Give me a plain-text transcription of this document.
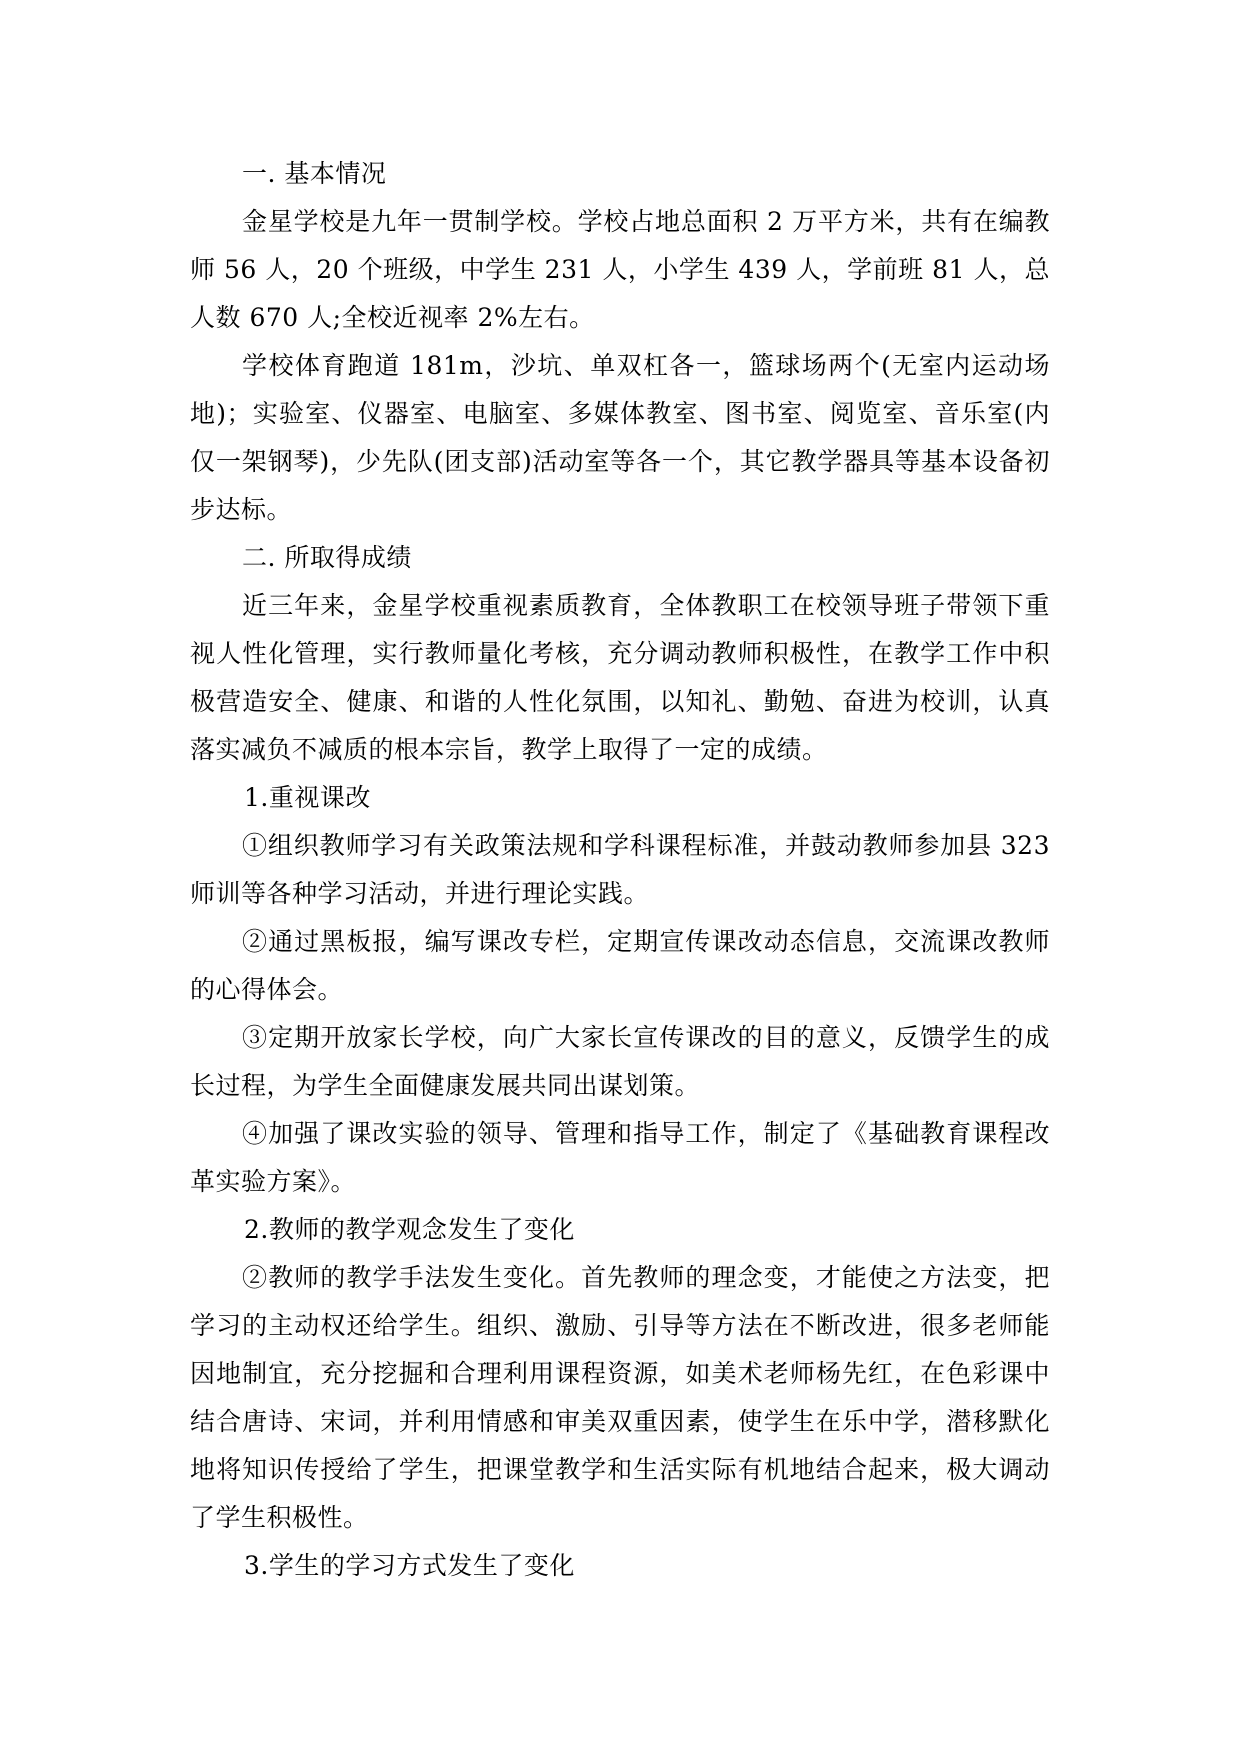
一. 基本情况

金星学校是九年一贯制学校。学校占地总面积 2 万平方米，共有在编教师 56 人，20 个班级，中学生 231 人，小学生 439 人，学前班 81 人，总人数 670 人;全校近视率 2%左右。

学校体育跑道 181m，沙坑、单双杠各一，篮球场两个(无室内运动场地)；实验室、仪器室、电脑室、多媒体教室、图书室、阅览室、音乐室(内仅一架钢琴)，少先队(团支部)活动室等各一个，其它教学器具等基本设备初步达标。

二. 所取得成绩

近三年来，金星学校重视素质教育，全体教职工在校领导班子带领下重视人性化管理，实行教师量化考核，充分调动教师积极性，在教学工作中积极营造安全、健康、和谐的人性化氛围，以知礼、勤勉、奋进为校训，认真落实减负不减质的根本宗旨，教学上取得了一定的成绩。

1.重视课改

①组织教师学习有关政策法规和学科课程标准，并鼓动教师参加县 323 师训等各种学习活动，并进行理论实践。

②通过黑板报，编写课改专栏，定期宣传课改动态信息，交流课改教师的心得体会。

③定期开放家长学校，向广大家长宣传课改的目的意义，反馈学生的成长过程，为学生全面健康发展共同出谋划策。

④加强了课改实验的领导、管理和指导工作，制定了《基础教育课程改革实验方案》。

2.教师的教学观念发生了变化

②教师的教学手法发生变化。首先教师的理念变，才能使之方法变，把学习的主动权还给学生。组织、激励、引导等方法在不断改进，很多老师能因地制宜，充分挖掘和合理利用课程资源，如美术老师杨先红，在色彩课中结合唐诗、宋词，并利用情感和审美双重因素，使学生在乐中学，潜移默化地将知识传授给了学生，把课堂教学和生活实际有机地结合起来，极大调动了学生积极性。

3.学生的学习方式发生了变化
